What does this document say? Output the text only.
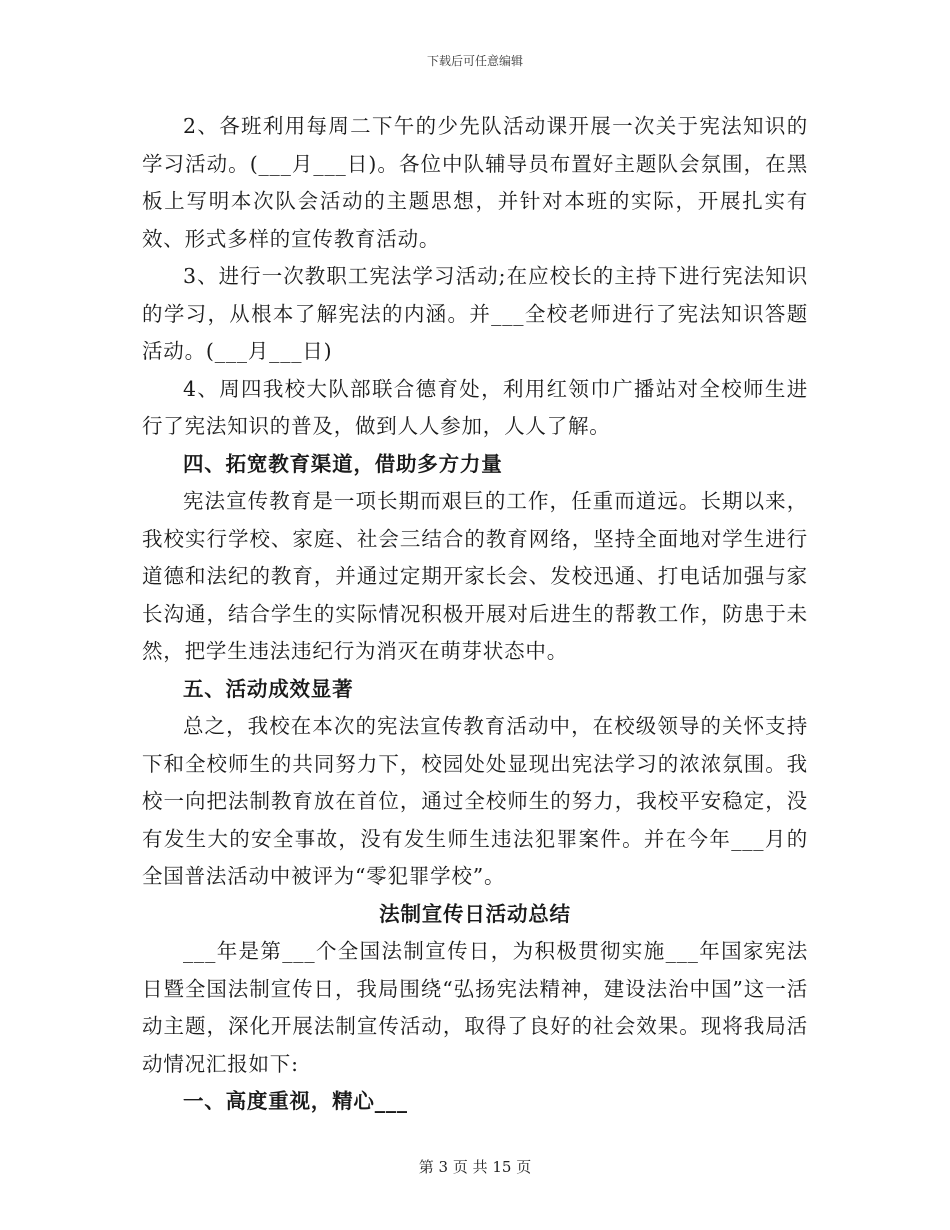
下载后可任意编辑

2、各班利用每周二下午的少先队活动课开展一次关于宪法知识的学习活动。(___月___日)。各位中队辅导员布置好主题队会氛围，在黑板上写明本次队会活动的主题思想，并针对本班的实际，开展扎实有效、形式多样的宣传教育活动。

3、进行一次教职工宪法学习活动;在应校长的主持下进行宪法知识的学习，从根本了解宪法的内涵。并___全校老师进行了宪法知识答题活动。(___月___日)

4、周四我校大队部联合德育处，利用红领巾广播站对全校师生进行了宪法知识的普及，做到人人参加，人人了解。

四、拓宽教育渠道，借助多方力量

宪法宣传教育是一项长期而艰巨的工作，任重而道远。长期以来，我校实行学校、家庭、社会三结合的教育网络，坚持全面地对学生进行道德和法纪的教育，并通过定期开家长会、发校迅通、打电话加强与家长沟通，结合学生的实际情况积极开展对后进生的帮教工作，防患于未然，把学生违法违纪行为消灭在萌芽状态中。

五、活动成效显著

总之，我校在本次的宪法宣传教育活动中，在校级领导的关怀支持下和全校师生的共同努力下，校园处处显现出宪法学习的浓浓氛围。我校一向把法制教育放在首位，通过全校师生的努力，我校平安稳定，没有发生大的安全事故，没有发生师生违法犯罪案件。并在今年___月的全国普法活动中被评为“零犯罪学校”。

法制宣传日活动总结

___年是第___个全国法制宣传日，为积极贯彻实施___年国家宪法日暨全国法制宣传日，我局围绕“弘扬宪法精神，建设法治中国”这一活动主题，深化开展法制宣传活动，取得了良好的社会效果。现将我局活动情况汇报如下:

一、高度重视，精心___

第 3 页 共 15 页
